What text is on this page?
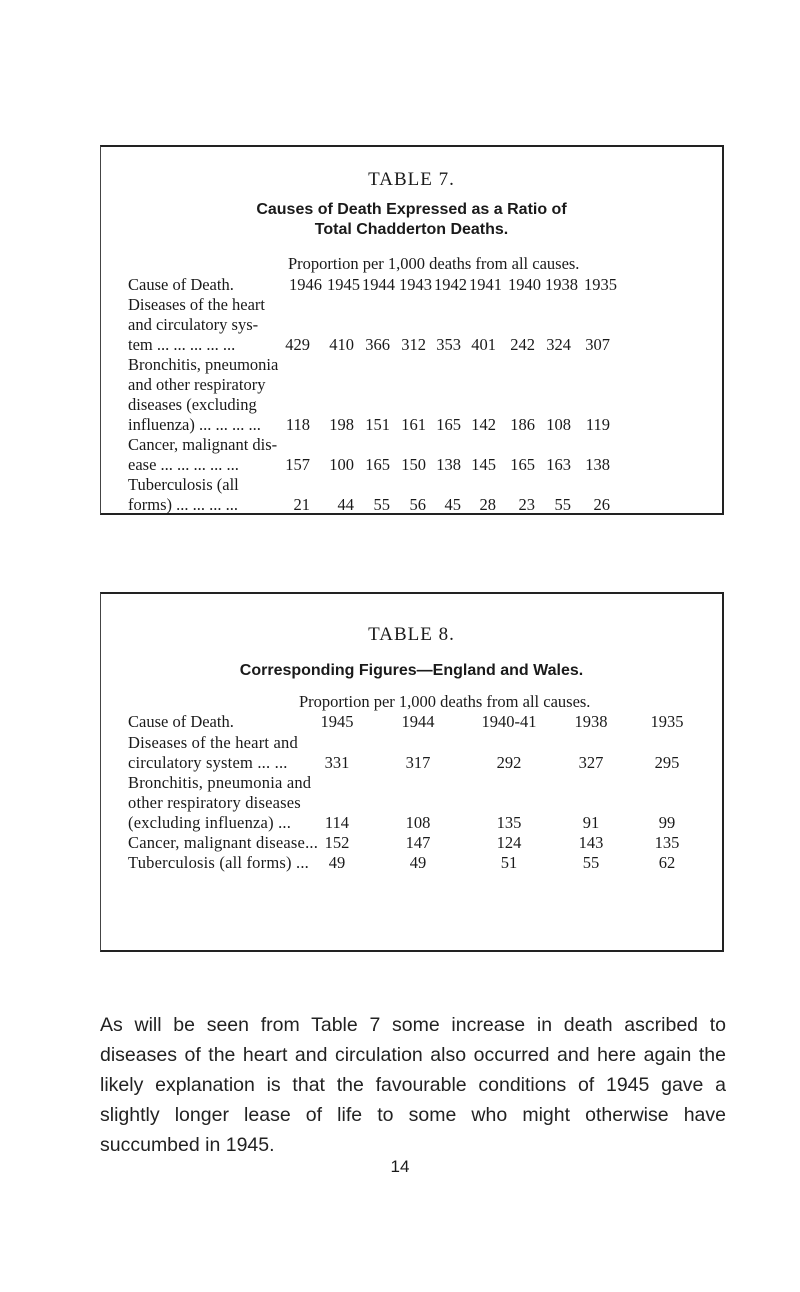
TABLE 7.
Causes of Death Expressed as a Ratio of
Total Chadderton Deaths.
Proportion per 1,000 deaths from all causes.
Cause of Death.	1946 1945 1944 1943 1942 1941 1940 1938 1935
Diseases of the heart
and circulatory sys-
tem ... ... ... ... ...	429	410 366 312 353 401 242 324 307
Bronchitis, pneumonia
and other respiratory
diseases (excluding
influenza) ... ... ... ...	118	198 151 161 165 142 186 108 119
Cancer, malignant dis-
ease ... ... ... ... ...	157	100 165 150 138 145 165 163 138
Tuberculosis (all
forms) ... ... ... ...	21	44	55	56	45	28	23	55	26
TABLE 8.
Corresponding Figures—England and Wales.
Proportion per 1,000 deaths from all causes.
Cause of Death.	1945	1944	1940-41	1938	1935
Diseases of the heart and
circulatory system ... ...	331	317	292	327	295
Bronchitis, pneumonia and
other respiratory diseases
(excluding influenza) ...	114	108	135	91	99
Cancer, malignant disease... 152	147	124	143	135
Tuberculosis (all forms) ...	49	49	51	55	62
As will be seen from Table 7 some increase in death ascribed to diseases of the heart and circulation also occurred and here again the likely explanation is that the favourable conditions of 1945 gave a slightly longer lease of life to some who might otherwise have succumbed in 1945.
14
